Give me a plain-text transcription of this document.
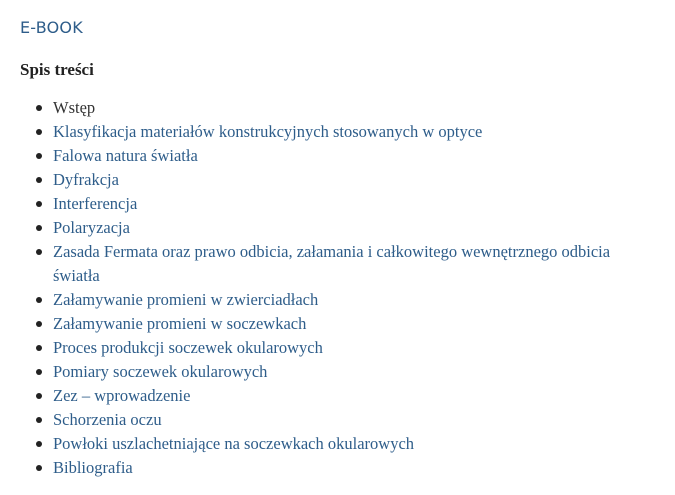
E-BOOK
Spis treści
Wstęp
Klasyfikacja materiałów konstrukcyjnych stosowanych w optyce
Falowa natura światła
Dyfrakcja
Interferencja
Polaryzacja
Zasada Fermata oraz prawo odbicia, załamania i całkowitego wewnętrznego odbicia światła
Załamywanie promieni w zwierciadłach
Załamywanie promieni w soczewkach
Proces produkcji soczewek okularowych
Pomiary soczewek okularowych
Zez – wprowadzenie
Schorzenia oczu
Powłoki uszlachetniające na soczewkach okularowych
Bibliografia
